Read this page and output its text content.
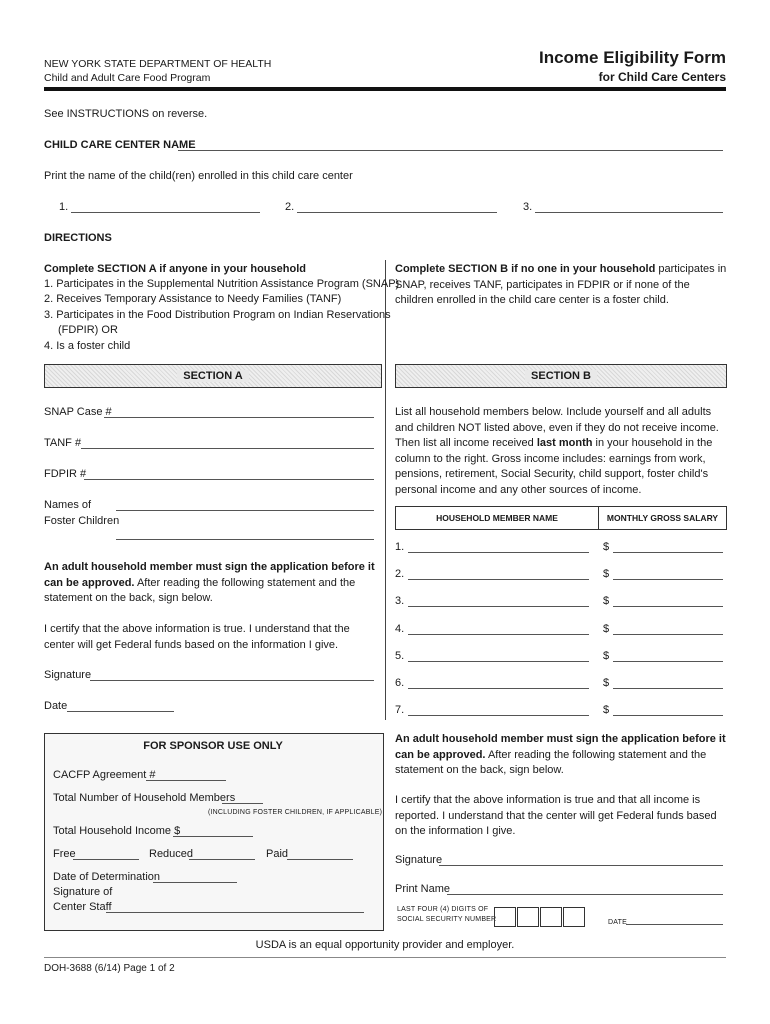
NEW YORK STATE DEPARTMENT OF HEALTH
Child and Adult Care Food Program
Income Eligibility Form
for Child Care Centers
See INSTRUCTIONS on reverse.
CHILD CARE CENTER NAME
Print the name of the child(ren) enrolled in this child care center
1.	2.	3.
DIRECTIONS
Complete SECTION A if anyone in your household
1. Participates in the Supplemental Nutrition Assistance Program (SNAP)
2. Receives Temporary Assistance to Needy Families (TANF)
3. Participates in the Food Distribution Program on Indian Reservations
(FDPIR) OR
4. Is a foster child
Complete SECTION B if no one in your household participates in SNAP, receives TANF, participates in FDPIR or if none of the children enrolled in the child care center is a foster child.
SECTION A	SECTION B
SNAP Case #
TANF #
FDPIR #
Names of
Foster Children
An adult household member must sign the application before it can be approved. After reading the following statement and the statement on the back, sign below.
I certify that the above information is true. I understand that the center will get Federal funds based on the information I give.
Signature
Date
FOR SPONSOR USE ONLY
CACFP Agreement #
Total Number of Household Members
(INCLUDING FOSTER CHILDREN, IF APPLICABLE)
Total Household Income $
Free	Reduced	Paid
Date of Determination
Signature of
Center Staff
List all household members below. Include yourself and all adults and children NOT listed above, even if they do not receive income. Then list all income received last month in your household in the column to the right. Gross income includes: earnings from work, pensions, retirement, Social Security, child support, foster child's personal income and any other sources of income.
HOUSEHOLD MEMBER NAME	MONTHLY GROSS SALARY
1.	$
2.	$
3.	$
4.	$
5.	$
6.	$
7.	$
An adult household member must sign the application before it can be approved. After reading the following statement and the statement on the back, sign below.
I certify that the above information is true and that all income is reported. I understand that the center will get Federal funds based on the information I give.
Signature
Print Name
LAST FOUR (4) DIGITS OF
SOCIAL SECURITY NUMBER	DATE
USDA is an equal opportunity provider and employer.
DOH-3688 (6/14) Page 1 of 2
